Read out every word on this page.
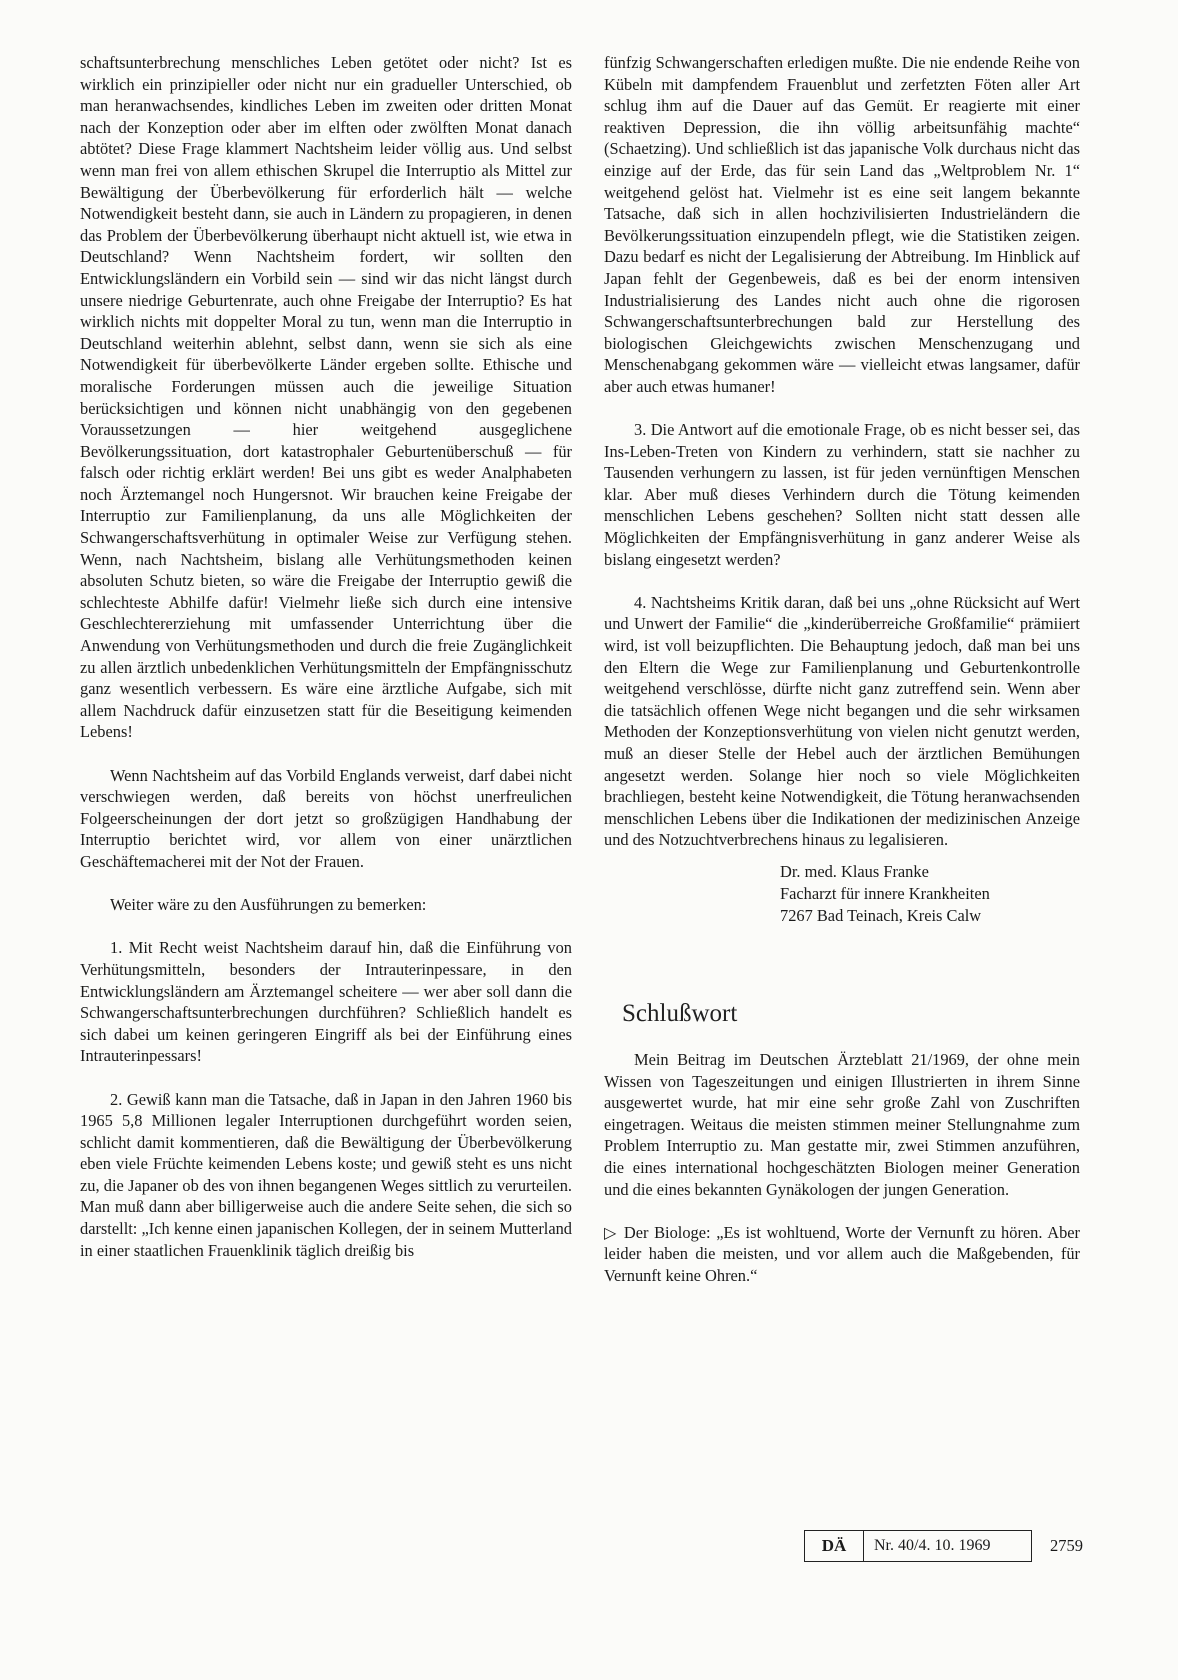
schaftsunterbrechung menschliches Leben getötet oder nicht? Ist es wirklich ein prinzipieller oder nicht nur ein gradueller Unterschied, ob man heranwachsendes, kindliches Leben im zweiten oder dritten Monat nach der Konzeption oder aber im elften oder zwölften Monat danach abtötet? Diese Frage klammert Nachtsheim leider völlig aus. Und selbst wenn man frei von allem ethischen Skrupel die Interruptio als Mittel zur Bewältigung der Überbevölkerung für erforderlich hält — welche Notwendigkeit besteht dann, sie auch in Ländern zu propagieren, in denen das Problem der Überbevölkerung überhaupt nicht aktuell ist, wie etwa in Deutschland? Wenn Nachtsheim fordert, wir sollten den Entwicklungsländern ein Vorbild sein — sind wir das nicht längst durch unsere niedrige Geburtenrate, auch ohne Freigabe der Interruptio? Es hat wirklich nichts mit doppelter Moral zu tun, wenn man die Interruptio in Deutschland weiterhin ablehnt, selbst dann, wenn sie sich als eine Notwendigkeit für überbevölkerte Länder ergeben sollte. Ethische und moralische Forderungen müssen auch die jeweilige Situation berücksichtigen und können nicht unabhängig von den gegebenen Voraussetzungen — hier weitgehend ausgeglichene Bevölkerungssituation, dort katastrophaler Geburtenüberschuß — für falsch oder richtig erklärt werden! Bei uns gibt es weder Analphabeten noch Ärztemangel noch Hungersnot. Wir brauchen keine Freigabe der Interruptio zur Familienplanung, da uns alle Möglichkeiten der Schwangerschaftsverhütung in optimaler Weise zur Verfügung stehen. Wenn, nach Nachtsheim, bislang alle Verhütungsmethoden keinen absoluten Schutz bieten, so wäre die Freigabe der Interruptio gewiß die schlechteste Abhilfe dafür! Vielmehr ließe sich durch eine intensive Geschlechtererziehung mit umfassender Unterrichtung über die Anwendung von Verhütungsmethoden und durch die freie Zugänglichkeit zu allen ärztlich unbedenklichen Verhütungsmitteln der Empfängnisschutz ganz wesentlich verbessern. Es wäre eine ärztliche Aufgabe, sich mit allem Nachdruck dafür einzusetzen statt für die Beseitigung keimenden Lebens!

Wenn Nachtsheim auf das Vorbild Englands verweist, darf dabei nicht verschwiegen werden, daß bereits von höchst unerfreulichen Folgeerscheinungen der dort jetzt so großzügigen Handhabung der Interruptio berichtet wird, vor allem von einer unärztlichen Geschäftemacherei mit der Not der Frauen.

Weiter wäre zu den Ausführungen zu bemerken:

1. Mit Recht weist Nachtsheim darauf hin, daß die Einführung von Verhütungsmitteln, besonders der Intrauterinpessare, in den Entwicklungsländern am Ärztemangel scheitere — wer aber soll dann die Schwangerschaftsunterbrechungen durchführen? Schließlich handelt es sich dabei um keinen geringeren Eingriff als bei der Einführung eines Intrauterinpessars!

2. Gewiß kann man die Tatsache, daß in Japan in den Jahren 1960 bis 1965 5,8 Millionen legaler Interruptionen durchgeführt worden seien, schlicht damit kommentieren, daß die Bewältigung der Überbevölkerung eben viele Früchte keimenden Lebens koste; und gewiß steht es uns nicht zu, die Japaner ob des von ihnen begangenen Weges sittlich zu verurteilen. Man muß dann aber billigerweise auch die andere Seite sehen, die sich so darstellt: „Ich kenne einen japanischen Kollegen, der in seinem Mutterland in einer staatlichen Frauenklinik täglich dreißig bis

fünfzig Schwangerschaften erledigen mußte. Die nie endende Reihe von Kübeln mit dampfendem Frauenblut und zerfetzten Föten aller Art schlug ihm auf die Dauer auf das Gemüt. Er reagierte mit einer reaktiven Depression, die ihn völlig arbeitsunfähig machte“ (Schaetzing). Und schließlich ist das japanische Volk durchaus nicht das einzige auf der Erde, das für sein Land das „Weltproblem Nr. 1“ weitgehend gelöst hat. Vielmehr ist es eine seit langem bekannte Tatsache, daß sich in allen hochzivilisierten Industrieländern die Bevölkerungssituation einzupendeln pflegt, wie die Statistiken zeigen. Dazu bedarf es nicht der Legalisierung der Abtreibung. Im Hinblick auf Japan fehlt der Gegenbeweis, daß es bei der enorm intensiven Industrialisierung des Landes nicht auch ohne die rigorosen Schwangerschaftsunterbrechungen bald zur Herstellung des biologischen Gleichgewichts zwischen Menschenzugang und Menschenabgang gekommen wäre — vielleicht etwas langsamer, dafür aber auch etwas humaner!

3. Die Antwort auf die emotionale Frage, ob es nicht besser sei, das Ins-Leben-Treten von Kindern zu verhindern, statt sie nachher zu Tausenden verhungern zu lassen, ist für jeden vernünftigen Menschen klar. Aber muß dieses Verhindern durch die Tötung keimenden menschlichen Lebens geschehen? Sollten nicht statt dessen alle Möglichkeiten der Empfängnisverhütung in ganz anderer Weise als bislang eingesetzt werden?

4. Nachtsheims Kritik daran, daß bei uns „ohne Rücksicht auf Wert und Unwert der Familie“ die „kinderüberreiche Großfamilie“ prämiiert wird, ist voll beizupflichten. Die Behauptung jedoch, daß man bei uns den Eltern die Wege zur Familienplanung und Geburtenkontrolle weitgehend verschlösse, dürfte nicht ganz zutreffend sein. Wenn aber die tatsächlich offenen Wege nicht begangen und die sehr wirksamen Methoden der Konzeptionsverhütung von vielen nicht genutzt werden, muß an dieser Stelle der Hebel auch der ärztlichen Bemühungen angesetzt werden. Solange hier noch so viele Möglichkeiten brachliegen, besteht keine Notwendigkeit, die Tötung heranwachsenden menschlichen Lebens über die Indikationen der medizinischen Anzeige und des Notzuchtverbrechens hinaus zu legalisieren.

Dr. med. Klaus Franke
Facharzt für innere Krankheiten
7267 Bad Teinach, Kreis Calw
Schlußwort

Mein Beitrag im Deutschen Ärzteblatt 21/1969, der ohne mein Wissen von Tageszeitungen und einigen Illustrierten in ihrem Sinne ausgewertet wurde, hat mir eine sehr große Zahl von Zuschriften eingetragen. Weitaus die meisten stimmen meiner Stellungnahme zum Problem Interruptio zu. Man gestatte mir, zwei Stimmen anzuführen, die eines international hochgeschätzten Biologen meiner Generation und die eines bekannten Gynäkologen der jungen Generation.

▷ Der Biologe: „Es ist wohltuend, Worte der Vernunft zu hören. Aber leider haben die meisten, und vor allem auch die Maßgebenden, für Vernunft keine Ohren.“

DÄ	Nr. 40/4. 10. 1969	2759
